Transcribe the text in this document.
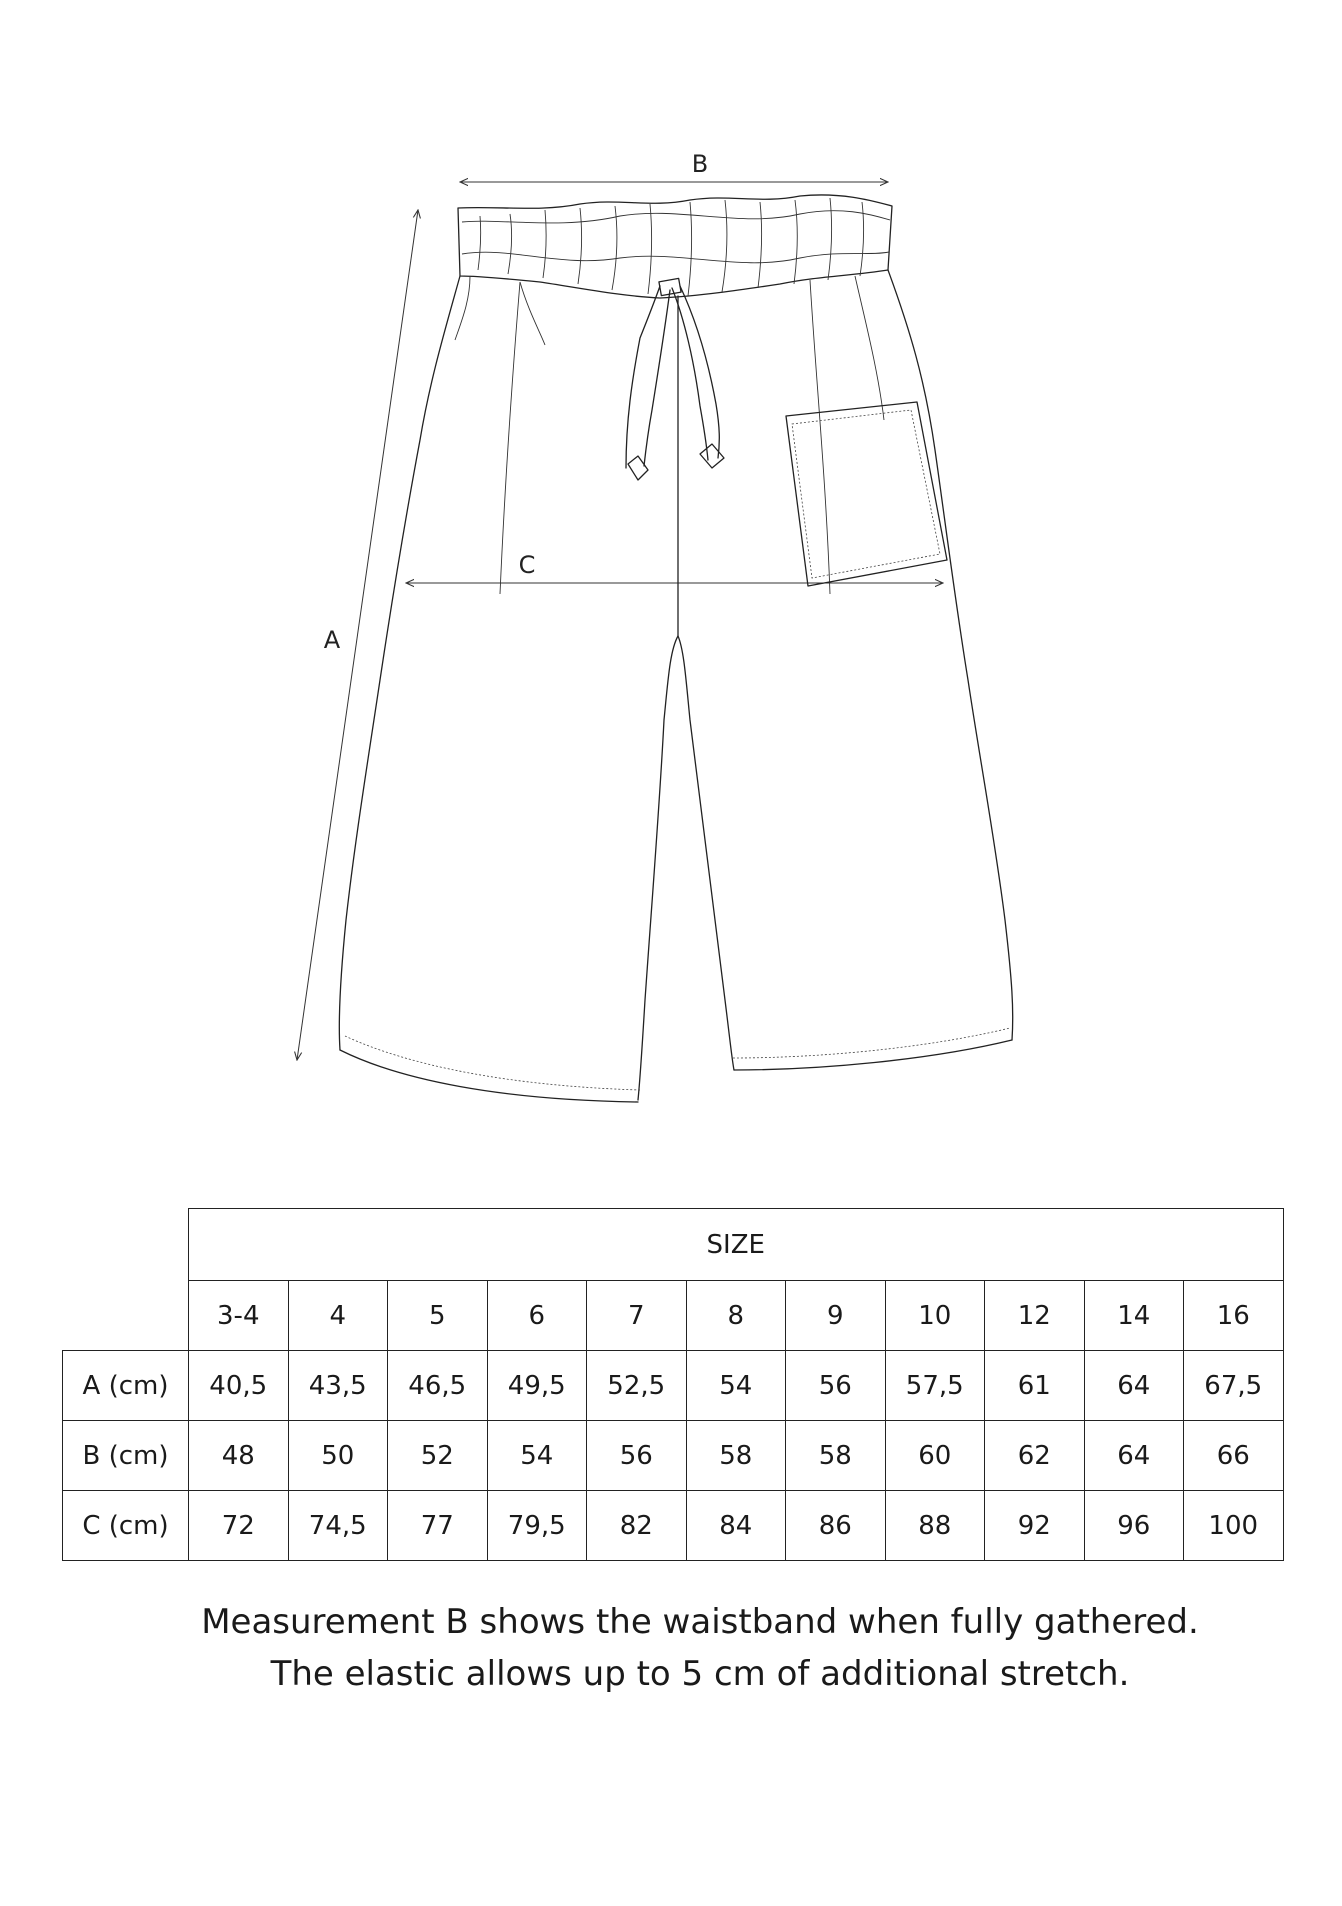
B
A
C
	SIZE										
	3-4	4	5	6	7	8	9	10	12	14	16
A (cm)	40,5	43,5	46,5	49,5	52,5	54	56	57,5	61	64	67,5
B (cm)	48	50	52	54	56	58	58	60	62	64	66
C (cm)	72	74,5	77	79,5	82	84	86	88	92	96	100
Measurement B shows the waistband when fully gathered.
The elastic allows up to 5 cm of additional stretch.
